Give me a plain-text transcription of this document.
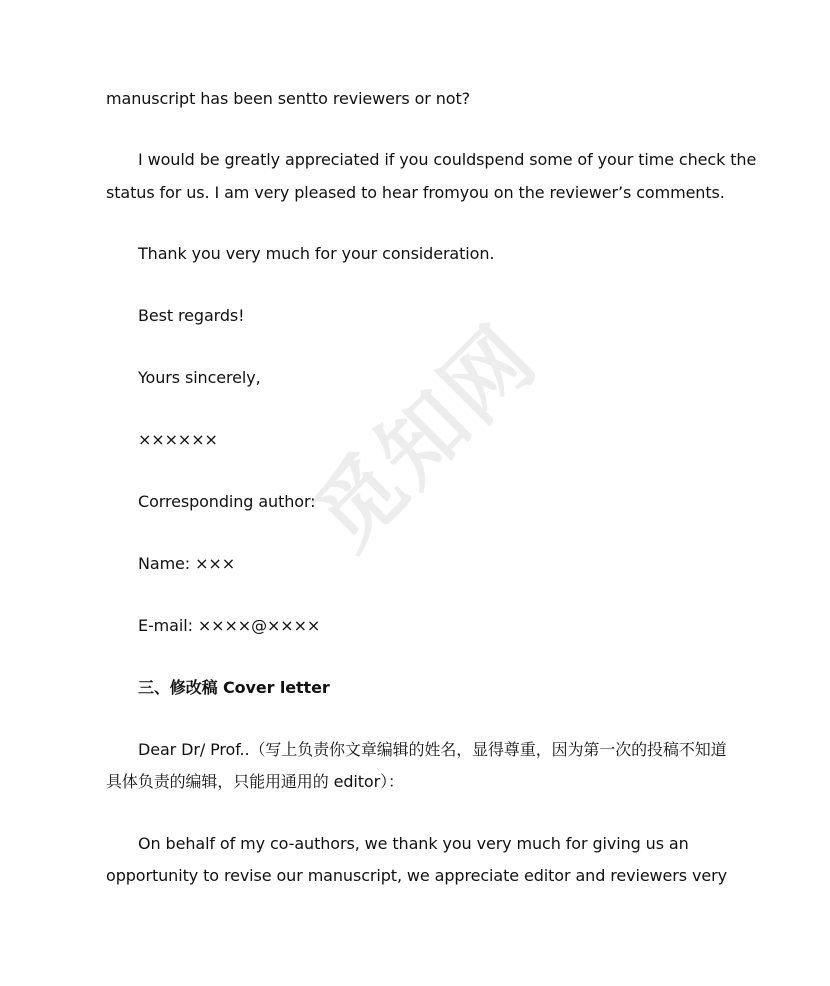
manuscript has been sentto reviewers or not?
I would be greatly appreciated if you couldspend some of your time check the
status for us. I am very pleased to hear fromyou on the reviewer’s comments.
Thank you very much for your consideration.
Best regards!
Yours sincerely,
××××××
Corresponding author:
Name: ×××
E-mail: ××××@××××
三、修改稿 Cover letter
Dear Dr/ Prof..（写上负责你文章编辑的姓名，显得尊重，因为第一次的投稿不知道
具体负责的编辑，只能用通用的 editor）：
On behalf of my co-authors, we thank you very much for giving us an
opportunity to revise our manuscript, we appreciate editor and reviewers very
觅知网
